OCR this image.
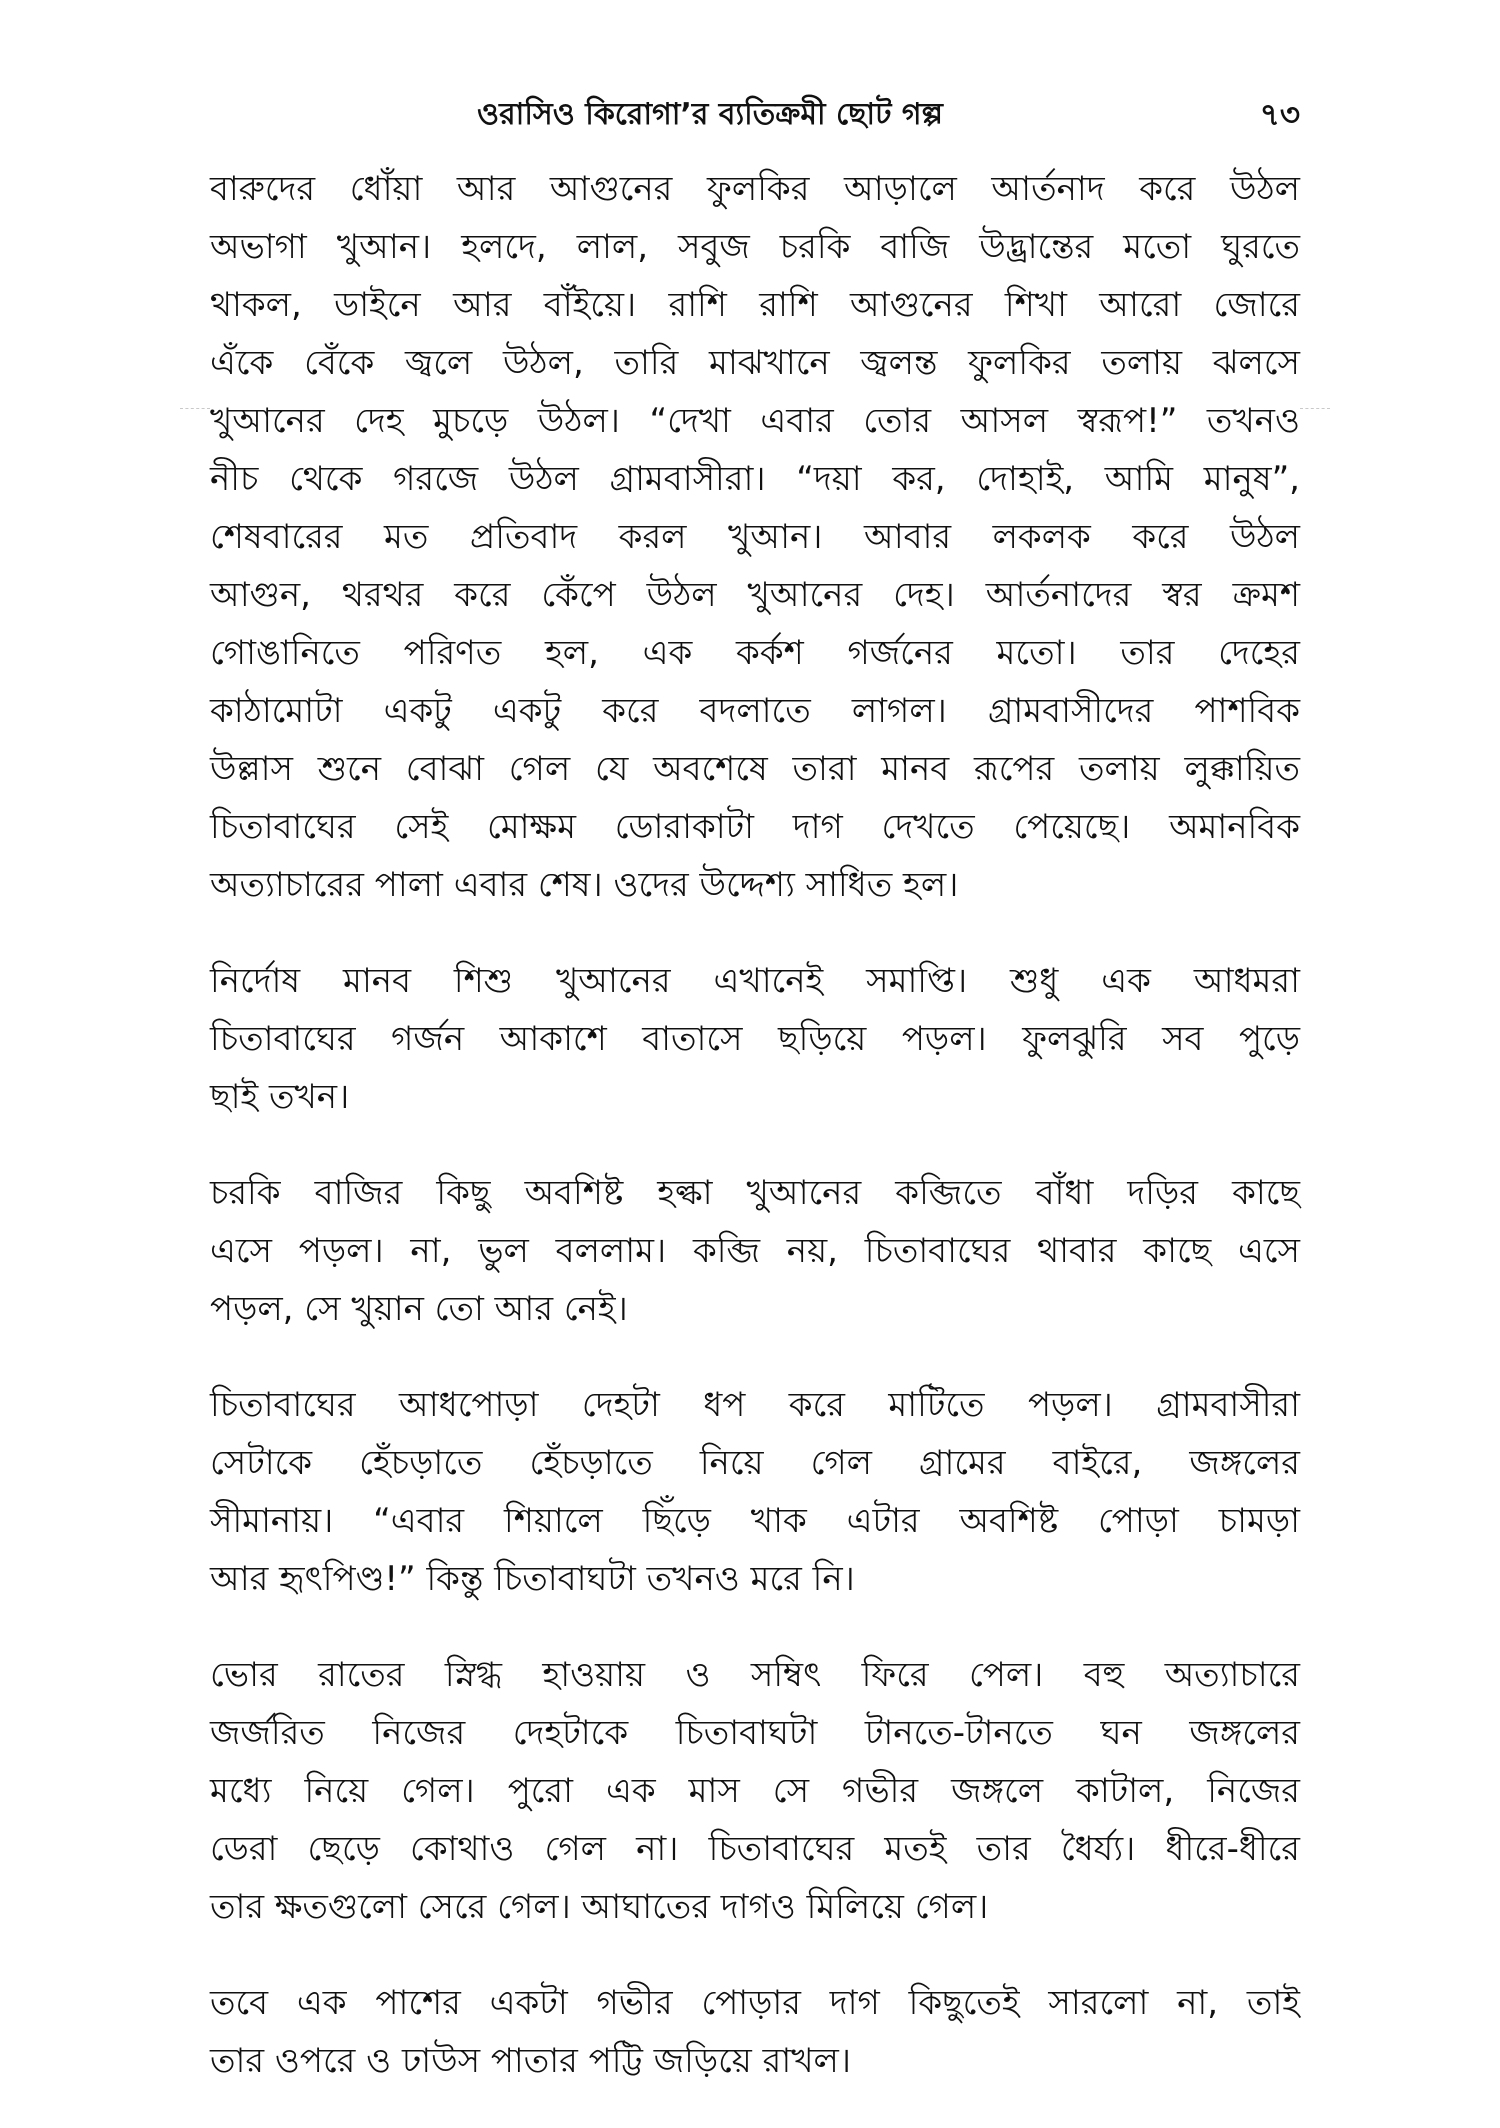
ওরাসিও কিরোগা’র ব্যতিক্রমী ছোট গল্প	৭৩
বারুদের ধোঁয়া আর আগুনের ফুলকির আড়ালে আর্তনাদ করে উঠল
অভাগা খুআন। হলদে, লাল, সবুজ চরকি বাজি উদ্ভ্রান্তের মতো ঘুরতে
থাকল, ডাইনে আর বাঁইয়ে। রাশি রাশি আগুনের শিখা আরো জোরে
এঁকে বেঁকে জ্বলে উঠল, তারি মাঝখানে জ্বলন্ত ফুলকির তলায় ঝলসে
খুআনের দেহ মুচড়ে উঠল। “দেখা এবার তোর আসল স্বরূপ!” তখনও
নীচ থেকে গরজে উঠল গ্রামবাসীরা। “দয়া কর, দোহাই, আমি মানুষ”,
শেষবারের মত প্রতিবাদ করল খুআন। আবার লকলক করে উঠল
আগুন, থরথর করে কেঁপে উঠল খুআনের দেহ। আর্তনাদের স্বর ক্রমশ
গোঙানিতে পরিণত হল, এক কর্কশ গর্জনের মতো। তার দেহের
কাঠামোটা একটু একটু করে বদলাতে লাগল। গ্রামবাসীদের পাশবিক
উল্লাস শুনে বোঝা গেল যে অবশেষে তারা মানব রূপের তলায় লুক্কায়িত
চিতাবাঘের সেই মোক্ষম ডোরাকাটা দাগ দেখতে পেয়েছে। অমানবিক
অত্যাচারের পালা এবার শেষ। ওদের উদ্দেশ্য সাধিত হল।
নির্দোষ মানব শিশু খুআনের এখানেই সমাপ্তি। শুধু এক আধমরা
চিতাবাঘের গর্জন আকাশে বাতাসে ছড়িয়ে পড়ল। ফুলঝুরি সব পুড়ে
ছাই তখন।
চরকি বাজির কিছু অবশিষ্ট হল্কা খুআনের কব্জিতে বাঁধা দড়ির কাছে
এসে পড়ল। না, ভুল বললাম। কব্জি নয়, চিতাবাঘের থাবার কাছে এসে
পড়ল, সে খুয়ান তো আর নেই।
চিতাবাঘের আধপোড়া দেহটা ধপ করে মাটিতে পড়ল। গ্রামবাসীরা
সেটাকে হেঁচড়াতে হেঁচড়াতে নিয়ে গেল গ্রামের বাইরে, জঙ্গলের
সীমানায়। “এবার শিয়ালে ছিঁড়ে খাক এটার অবশিষ্ট পোড়া চামড়া
আর হৃৎপিণ্ড!” কিন্তু চিতাবাঘটা তখনও মরে নি।
ভোর রাতের স্নিগ্ধ হাওয়ায় ও সম্বিৎ ফিরে পেল। বহু অত্যাচারে
জর্জরিত নিজের দেহটাকে চিতাবাঘটা টানতে-টানতে ঘন জঙ্গলের
মধ্যে নিয়ে গেল। পুরো এক মাস সে গভীর জঙ্গলে কাটাল, নিজের
ডেরা ছেড়ে কোথাও গেল না। চিতাবাঘের মতই তার ধৈর্য্য। ধীরে-ধীরে
তার ক্ষতগুলো সেরে গেল। আঘাতের দাগও মিলিয়ে গেল।
তবে এক পাশের একটা গভীর পোড়ার দাগ কিছুতেই সারলো না, তাই
তার ওপরে ও ঢাউস পাতার পট্টি জড়িয়ে রাখল।
